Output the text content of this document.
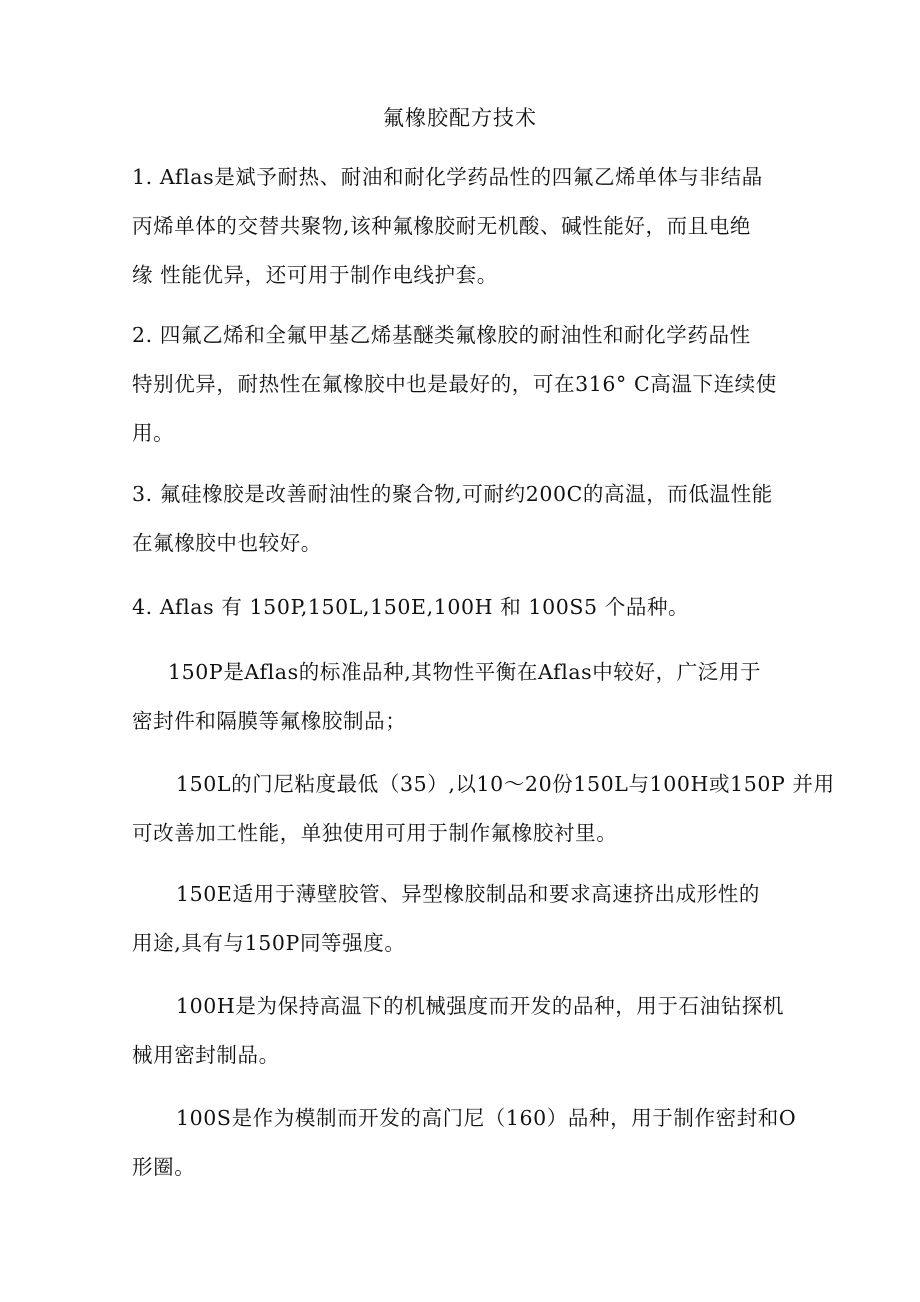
氟橡胶配方技术
1. Aflas是斌予耐热、耐油和耐化学药品性的四氟乙烯单体与非结晶
丙烯单体的交替共聚物,该种氟橡胶耐无机酸、碱性能好，而且电绝
缘 性能优异，还可用于制作电线护套。
2. 四氟乙烯和全氟甲基乙烯基醚类氟橡胶的耐油性和耐化学药品性
特别优异，耐热性在氟橡胶中也是最好的，可在316° C高温下连续使
用。
3. 氟硅橡胶是改善耐油性的聚合物,可耐约200C的高温，而低温性能
在氟橡胶中也较好。
4. Aflas 有 150P,150L,150E,100H 和 100S5 个品种。
150P是Aflas的标准品种,其物性平衡在Aflas中较好，广泛用于
密封件和隔膜等氟橡胶制品；
150L的门尼粘度最低（35）,以10〜20份150L与100H或150P 并用
可改善加工性能，单独使用可用于制作氟橡胶衬里。
150E适用于薄壁胶管、异型橡胶制品和要求高速挤出成形性的
用途,具有与150P同等强度。
100H是为保持高温下的机械强度而开发的品种，用于石油钻探机
械用密封制品。
100S是作为模制而开发的高门尼（160）品种，用于制作密封和O
形圈。
